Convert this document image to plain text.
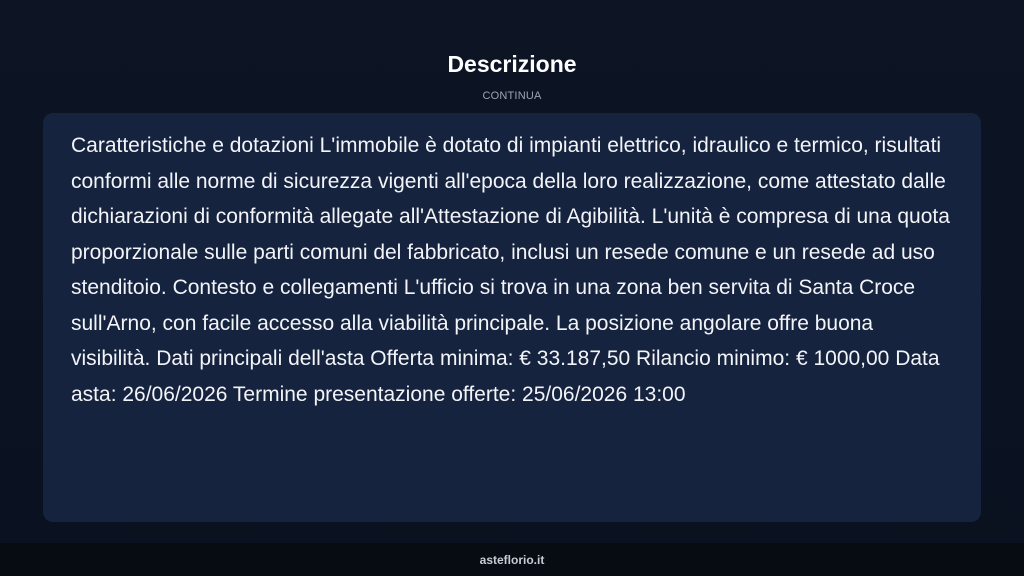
Descrizione
CONTINUA

Caratteristiche e dotazioni L'immobile è dotato di impianti elettrico, idraulico e termico, risultati conformi alle norme di sicurezza vigenti all'epoca della loro realizzazione, come attestato dalle dichiarazioni di conformità allegate all'Attestazione di Agibilità. L'unità è compresa di una quota proporzionale sulle parti comuni del fabbricato, inclusi un resede comune e un resede ad uso stenditoio. Contesto e collegamenti L'ufficio si trova in una zona ben servita di Santa Croce sull'Arno, con facile accesso alla viabilità principale. La posizione angolare offre buona visibilità. Dati principali dell'asta Offerta minima: € 33.187,50 Rilancio minimo: € 1000,00 Data asta: 26/06/2026 Termine presentazione offerte: 25/06/2026 13:00

asteflorio.it
